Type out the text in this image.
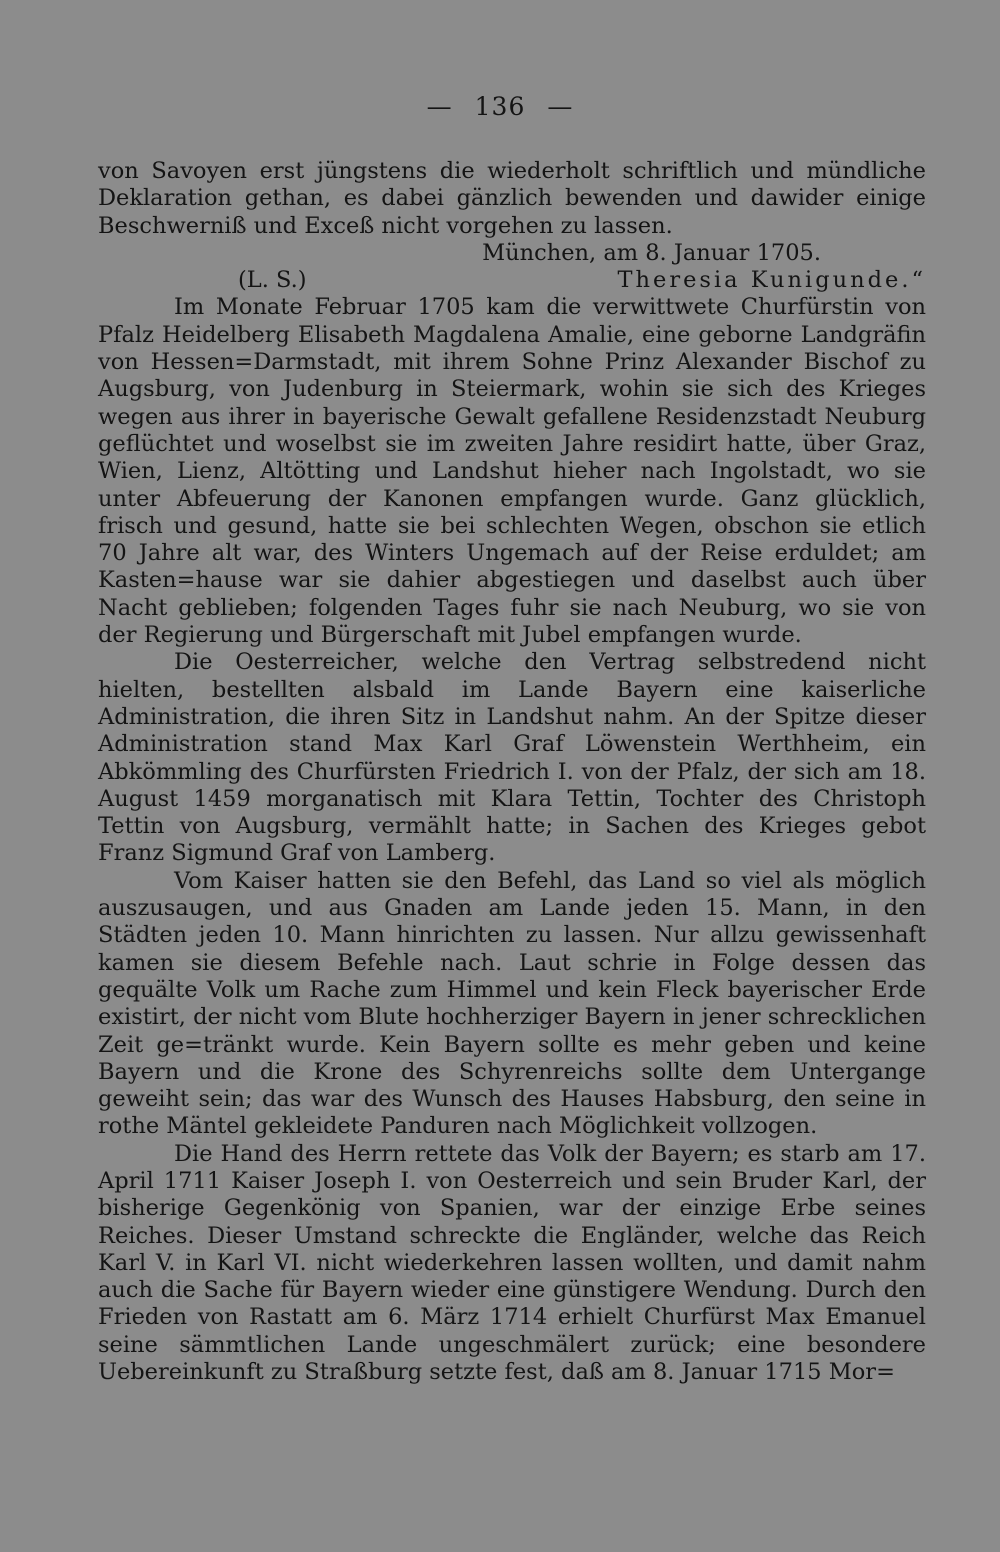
— 136 —

von Savoyen erst jüngstens die wiederholt schriftlich und mündliche Deklaration gethan, es dabei gänzlich bewenden und dawider einige Beschwerniß und Exceß nicht vorgehen zu lassen.

München, am 8. Januar 1705.

(L. S.)	Theresia Kunigunde.“

Im Monate Februar 1705 kam die verwittwete Churfürstin von Pfalz Heidelberg Elisabeth Magdalena Amalie, eine geborne Landgräfin von Hessen=Darmstadt, mit ihrem Sohne Prinz Alexander Bischof zu Augsburg, von Judenburg in Steiermark, wohin sie sich des Krieges wegen aus ihrer in bayerische Gewalt gefallene Residenzstadt Neuburg geflüchtet und woselbst sie im zweiten Jahre residirt hatte, über Graz, Wien, Lienz, Altötting und Landshut hieher nach Ingolstadt, wo sie unter Abfeuerung der Kanonen empfangen wurde. Ganz glücklich, frisch und gesund, hatte sie bei schlechten Wegen, obschon sie etlich 70 Jahre alt war, des Winters Ungemach auf der Reise erduldet; am Kasten=hause war sie dahier abgestiegen und daselbst auch über Nacht geblieben; folgenden Tages fuhr sie nach Neuburg, wo sie von der Regierung und Bürgerschaft mit Jubel empfangen wurde.

Die Oesterreicher, welche den Vertrag selbstredend nicht hielten, bestellten alsbald im Lande Bayern eine kaiserliche Administration, die ihren Sitz in Landshut nahm. An der Spitze dieser Administration stand Max Karl Graf Löwenstein Werthheim, ein Abkömmling des Churfürsten Friedrich I. von der Pfalz, der sich am 18. August 1459 morganatisch mit Klara Tettin, Tochter des Christoph Tettin von Augsburg, vermählt hatte; in Sachen des Krieges gebot Franz Sigmund Graf von Lamberg.

Vom Kaiser hatten sie den Befehl, das Land so viel als möglich auszusaugen, und aus Gnaden am Lande jeden 15. Mann, in den Städten jeden 10. Mann hinrichten zu lassen. Nur allzu gewissenhaft kamen sie diesem Befehle nach. Laut schrie in Folge dessen das gequälte Volk um Rache zum Himmel und kein Fleck bayerischer Erde existirt, der nicht vom Blute hochherziger Bayern in jener schrecklichen Zeit ge=tränkt wurde. Kein Bayern sollte es mehr geben und keine Bayern und die Krone des Schyrenreichs sollte dem Untergange geweiht sein; das war des Wunsch des Hauses Habsburg, den seine in rothe Mäntel gekleidete Panduren nach Möglichkeit vollzogen.

Die Hand des Herrn rettete das Volk der Bayern; es starb am 17. April 1711 Kaiser Joseph I. von Oesterreich und sein Bruder Karl, der bisherige Gegenkönig von Spanien, war der einzige Erbe seines Reiches. Dieser Umstand schreckte die Engländer, welche das Reich Karl V. in Karl VI. nicht wiederkehren lassen wollten, und damit nahm auch die Sache für Bayern wieder eine günstigere Wendung. Durch den Frieden von Rastatt am 6. März 1714 erhielt Churfürst Max Emanuel seine sämmtlichen Lande ungeschmälert zurück; eine besondere Uebereinkunft zu Straßburg setzte fest, daß am 8. Januar 1715 Mor=
